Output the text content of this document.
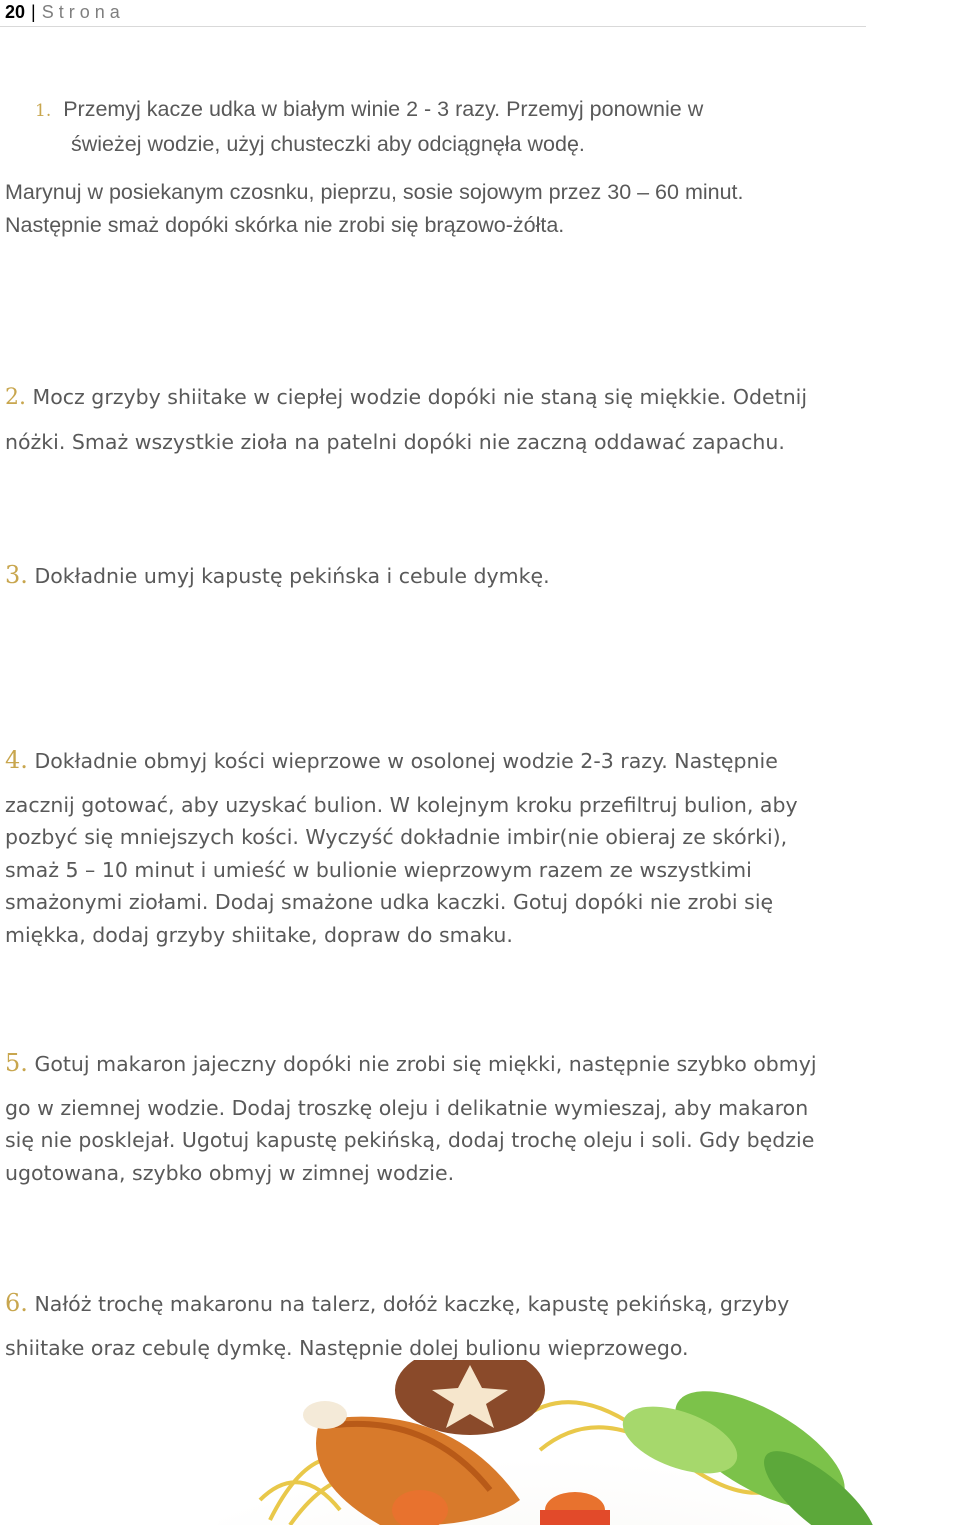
20 | Strona
1. Przemyj kacze udka w białym winie 2 - 3 razy. Przemyj ponownie w
świeżej wodzie, użyj chusteczki aby odciągnęła wodę.
Marynuj w posiekanym czosnku, pieprzu, sosie sojowym przez 30 – 60 minut.
Następnie smaż dopóki skórka nie zrobi się brązowo-żółta.
2. Mocz grzyby shiitake w ciepłej wodzie dopóki nie staną się miękkie. Odetnij
nóżki. Smaż wszystkie zioła na patelni dopóki nie zaczną oddawać zapachu.
3. Dokładnie umyj kapustę pekińska i cebule dymkę.
4. Dokładnie obmyj kości wieprzowe w osolonej wodzie 2-3 razy. Następnie
zacznij gotować, aby uzyskać bulion. W kolejnym kroku przefiltruj bulion, aby
pozbyć się mniejszych kości. Wyczyść dokładnie imbir(nie obieraj ze skórki),
smaż 5 – 10 minut i umieść w bulionie wieprzowym razem ze wszystkimi
smażonymi ziołami. Dodaj smażone udka kaczki. Gotuj dopóki nie zrobi się
miękka, dodaj grzyby shiitake, dopraw do smaku.
5. Gotuj makaron jajeczny dopóki nie zrobi się miękki, następnie szybko obmyj
go w ziemnej wodzie. Dodaj troszkę oleju i delikatnie wymieszaj, aby makaron
się nie posklejał. Ugotuj kapustę pekińską, dodaj trochę oleju i soli. Gdy będzie
ugotowana, szybko obmyj w zimnej wodzie.
6. Nałóż trochę makaronu na talerz, dołóż kaczkę, kapustę pekińską, grzyby
shiitake oraz cebulę dymkę. Następnie dolej bulionu wieprzowego.
